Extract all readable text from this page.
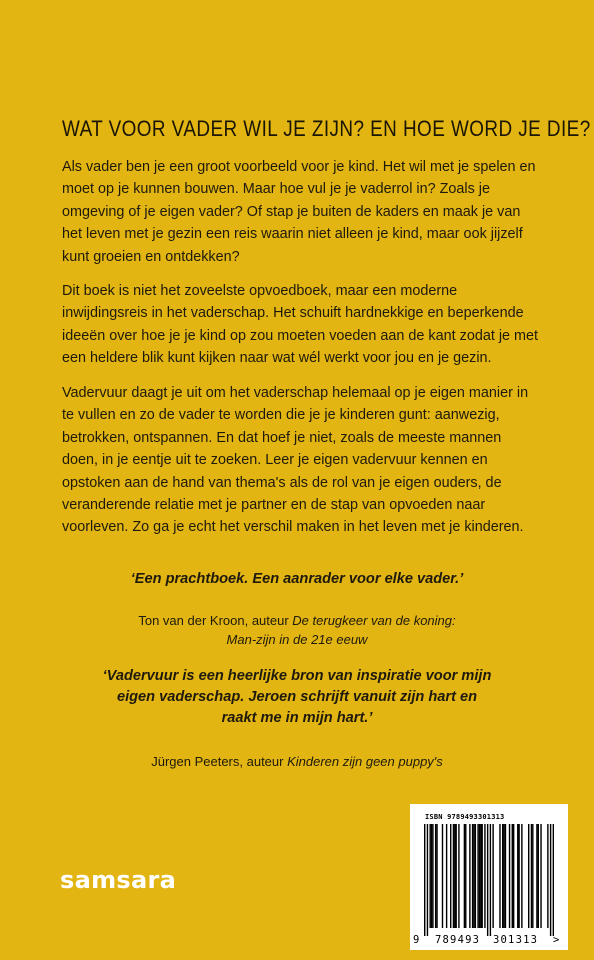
WAT VOOR VADER WIL JE ZIJN? EN HOE WORD JE DIE?

Als vader ben je een groot voorbeeld voor je kind. Het wil met je spelen en moet op je kunnen bouwen. Maar hoe vul je je vaderrol in? Zoals je omgeving of je eigen vader? Of stap je buiten de kaders en maak je van het leven met je gezin een reis waarin niet alleen je kind, maar ook jijzelf kunt groeien en ontdekken?

Dit boek is niet het zoveelste opvoedboek, maar een moderne inwijdingsreis in het vaderschap. Het schuift hardnekkige en beperkende ideeën over hoe je je kind op zou moeten voeden aan de kant zodat je met een heldere blik kunt kijken naar wat wél werkt voor jou en je gezin.

Vadervuur daagt je uit om het vaderschap helemaal op je eigen manier in te vullen en zo de vader te worden die je je kinderen gunt: aanwezig, betrokken, ontspannen. En dat hoef je niet, zoals de meeste mannen doen, in je eentje uit te zoeken. Leer je eigen vadervuur kennen en opstoken aan de hand van thema's als de rol van je eigen ouders, de veranderende relatie met je partner en de stap van opvoeden naar voorleven. Zo ga je echt het verschil maken in het leven met je kinderen.

‘Een prachtboek. Een aanrader voor elke vader.’

Ton van der Kroon, auteur De terugkeer van de koning:
Man-zijn in de 21e eeuw

‘Vadervuur is een heerlijke bron van inspiratie voor mijn
eigen vaderschap. Jeroen schrijft vanuit zijn hart en
raakt me in mijn hart.’

Jürgen Peeters, auteur Kinderen zijn geen puppy's

samsara
ISBN 9789493301313
9 789493 301313 >
